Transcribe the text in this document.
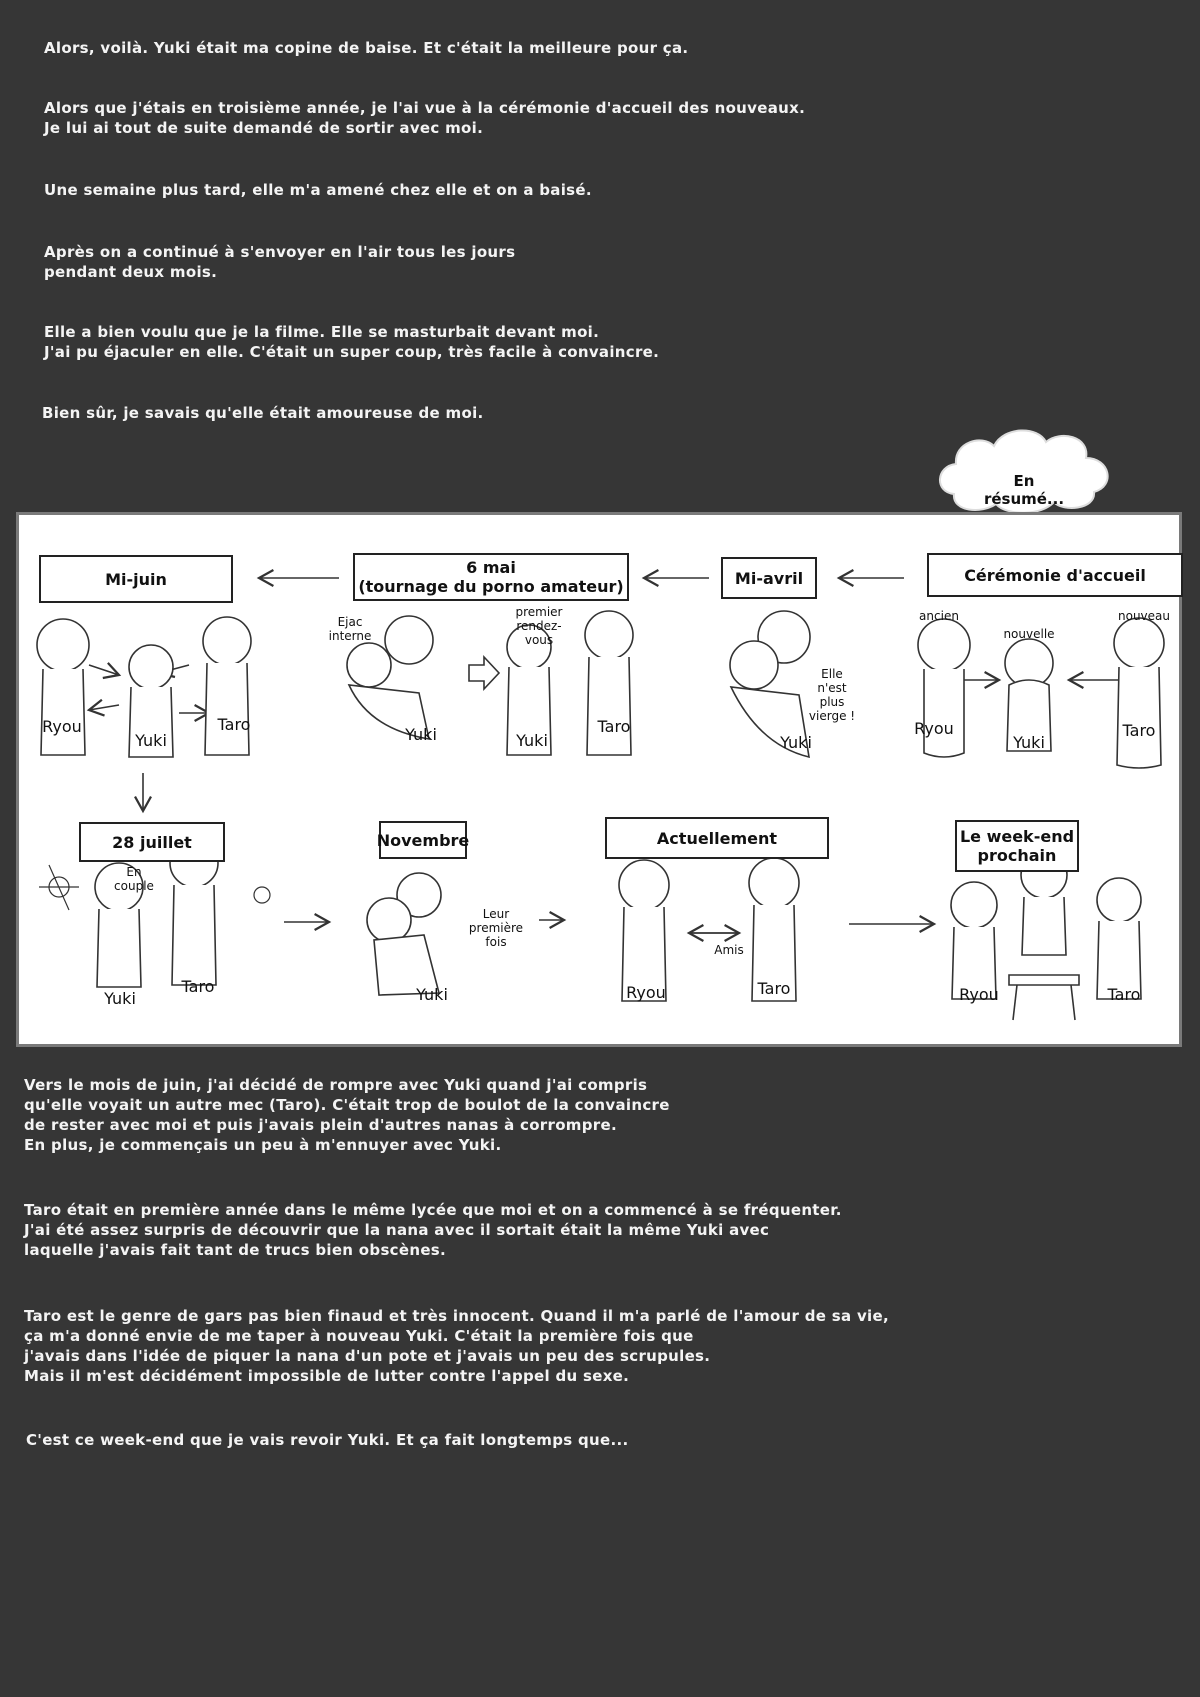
Alors, voilà. Yuki était ma copine de baise. Et c'était la meilleure pour ça.

Alors que j'étais en troisième année, je l'ai vue à la cérémonie d'accueil des nouveaux.
Je lui ai tout de suite demandé de sortir avec moi.

Une semaine plus tard, elle m'a amené chez elle et on a baisé.

Après on a continué à s'envoyer en l'air tous les jours
pendant deux mois.

Elle a bien voulu que je la filme. Elle se masturbait devant moi.
J'ai pu éjaculer en elle. C'était un super coup, très facile à convaincre.

Bien sûr, je savais qu'elle était amoureuse de moi.

En résumé...
Cérémonie d'accueil
Mi-avril
6 mai
(tournage du porno amateur)
Mi-juin
28 juillet	Novembre	Actuellement	Le week-end
prochain
ancien
nouvelle
nouveau
Elle
n'est
plus
vierge !
premier
rendez-
vous
Ejac
interne
En
couple
Leur
première
fois
Amis
Ryou
Yuki
Taro
Yuki
Yuki	Yuki
Taro
Ryou
Yuki
Taro
Yuki
Taro	Yuki	Ryou	Taro	Ryou	Taro

Vers le mois de juin, j'ai décidé de rompre avec Yuki quand j'ai compris
qu'elle voyait un autre mec (Taro). C'était trop de boulot de la convaincre
de rester avec moi et puis j'avais plein d'autres nanas à corrompre.
En plus, je commençais un peu à m'ennuyer avec Yuki.

Taro était en première année dans le même lycée que moi et on a commencé à se fréquenter.
J'ai été assez surpris de découvrir que la nana avec il sortait était la même Yuki avec
laquelle j'avais fait tant de trucs bien obscènes.

Taro est le genre de gars pas bien finaud et très innocent. Quand il m'a parlé de l'amour de sa vie,
ça m'a donné envie de me taper à nouveau Yuki. C'était la première fois que
j'avais dans l'idée de piquer la nana d'un pote et j'avais un peu des scrupules.
Mais il m'est décidément impossible de lutter contre l'appel du sexe.

C'est ce week-end que je vais revoir Yuki. Et ça fait longtemps que...
